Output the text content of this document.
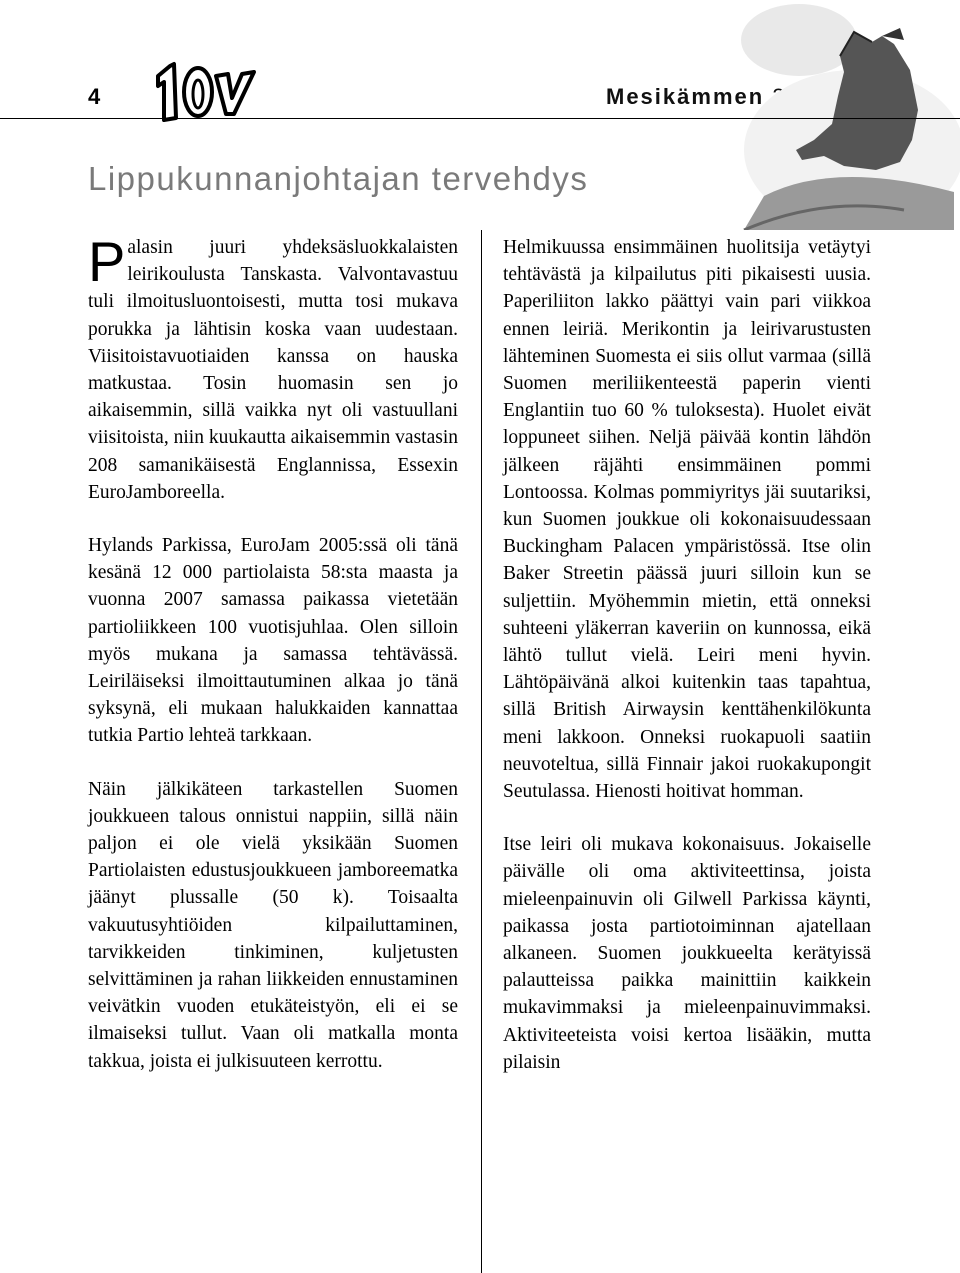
4	Mesikämmen
Lippukunnanjohtajan tervehdys

Palasin juuri yhdeksäsluokkalaisten leirikoulusta Tanskasta. Valvontavastuu tuli ilmoitusluontoisesti, mutta tosi mukava porukka ja lähtisin koska vaan uudestaan. Viisitoistavuotiaiden kanssa on hauska matkustaa. Tosin huomasin sen jo aikaisemmin, sillä vaikka nyt oli vastuullani viisitoista, niin kuukautta aikaisemmin vastasin 208 samanikäisestä Englannissa, Essexin EuroJamboreella.

Hylands Parkissa, EuroJam 2005:ssä oli tänä kesänä 12 000 partiolaista 58:sta maasta ja vuonna 2007 samassa paikassa vietetään partioliikkeen 100 vuotisjuhlaa. Olen silloin myös mukana ja samassa tehtävässä. Leiriläiseksi ilmoittautuminen alkaa jo tänä syksynä, eli mukaan halukkaiden kannattaa tutkia Partio lehteä tarkkaan.

Näin jälkikäteen tarkastellen Suomen joukkueen talous onnistui nappiin, sillä näin paljon ei ole vielä yksikään Suomen Partiolaisten edustusjoukkueen jamboreematka jäänyt plussalle (50 k). Toisaalta vakuutusyhtiöiden kilpailuttaminen, tarvikkeiden tinkiminen, kuljetusten selvittäminen ja rahan liikkeiden ennustaminen veivätkin vuoden etukäteistyön, eli ei se ilmaiseksi tullut. Vaan oli matkalla monta takkua, joista ei julkisuuteen kerrottu.

Helmikuussa ensimmäinen huolitsija vetäytyi tehtävästä ja kilpailutus piti pikaisesti uusia. Paperiliiton lakko päättyi vain pari viikkoa ennen leiriä. Merikontin ja leirivarustusten lähteminen Suomesta ei siis ollut varmaa (sillä Suomen meriliikenteestä paperin vienti Englantiin tuo 60 % tuloksesta). Huolet eivät loppuneet siihen. Neljä päivää kontin lähdön jälkeen räjähti ensimmäinen pommi Lontoossa. Kolmas pommiyritys jäi suutariksi, kun Suomen joukkue oli kokonaisuudessaan Buckingham Palacen ympäristössä. Itse olin Baker Streetin päässä juuri silloin kun se suljettiin. Myöhemmin mietin, että onneksi suhteeni yläkerran kaveriin on kunnossa, eikä lähtö tullut vielä. Leiri meni hyvin. Lähtöpäivänä alkoi kuitenkin taas tapahtua, sillä British Airwaysin kenttähenkilökunta meni lakkoon. Onneksi ruokapuoli saatiin neuvoteltua, sillä Finnair jakoi ruokakupongit Seutulassa. Hienosti hoitivat homman.

Itse leiri oli mukava kokonaisuus. Jokaiselle päivälle oli oma aktiviteettinsa, joista mieleenpainuvin oli Gilwell Parkissa käynti, paikassa josta partiotoiminnan ajatellaan alkaneen. Suomen joukkueelta kerätyissä palautteissa paikka mainittiin kaikkein mukavimmaksi ja mieleenpainuvimmaksi. Aktiviteeteista voisi kertoa lisääkin, mutta pilaisin
